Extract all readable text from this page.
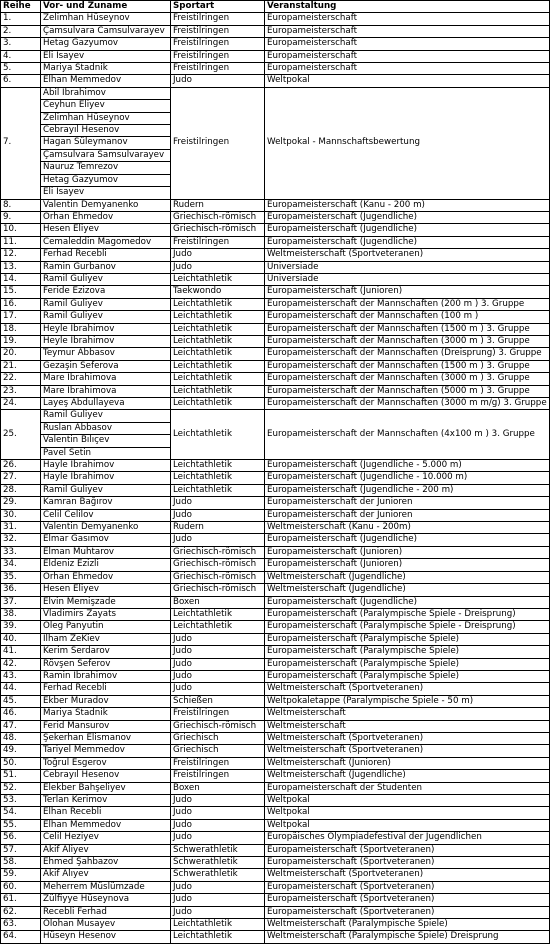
Reihe	Vor- und Zuname	Sportart	Veranstaltung
1.	Zelimhan Hüseynov	Freistilringen	Europameisterschaft
2.	Çamsulvara Camsulvarayev	Freistilringen	Europameisterschaft
3.	Hetag Gazyumov	Freistilringen	Europameisterschaft
4.	Eli İsayev	Freistilringen	Europameisterschaft
5.	Mariya Stadnik	Freistilringen	Europameisterschaft
6.	Elhan Memmedov	Judo	Weltpokal
7.	Abil İbrahimov	Freistilringen	Weltpokal - Mannschaftsbewertung
	Ceyhun Eliyev		
	Zelimhan Hüseynov		
	Cebrayıl Hesenov		
	Hagan Süleymanov		
	Çamsulvara Samsulvarayev		
	Nauruz Temrezov		
	Hetag Gazyumov		
	Eli İsayev		
8.	Valentin Demyanenko	Rudern	Europameisterschaft (Kanu - 200 m)
9.	Orhan Ehmedov	Griechisch-römisch	Europameisterschaft (Jugendliche)
10.	Hesen Eliyev	Griechisch-römisch	Europameisterschaft (Jugendliche)
11.	Cemaleddin Magomedov	Freistilringen	Europameisterschaft (Jugendliche)
12.	Ferhad Recebli	Judo	Weltmeisterschaft (Sportveteranen)
13.	Ramin Gurbanov	Judo	Universiade
14.	Ramil Guliyev	Leichtathletik	Universiade
15.	Feride Ezizova	Taekwondo	Europameisterschaft (Junioren)
16.	Ramil Guliyev	Leichtathletik	Europameisterschaft der Mannschaften (200 m ) 3. Gruppe
17.	Ramil Guliyev	Leichtathletik	Europameisterschaft der Mannschaften (100 m )
18.	Heyle İbrahimov	Leichtathletik	Europameisterschaft der Mannschaften (1500 m ) 3. Gruppe
19.	Heyle İbrahimov	Leichtathletik	Europameisterschaft der Mannschaften (3000 m ) 3. Gruppe
20.	Teymur Abbasov	Leichtathletik	Europameisterschaft der Mannschaften (Dreisprung) 3. Gruppe
21.	Gezaşin Seferova	Leichtathletik	Europameisterschaft der Mannschaften (1500 m ) 3. Gruppe
22.	Mare İbrahimova	Leichtathletik	Europameisterschaft der Mannschaften (3000 m ) 3. Gruppe
23.	Mare İbrahimova	Leichtathletik	Europameisterschaft der Mannschaften (5000 m ) 3. Gruppe
24.	Layeş Abdullayeva	Leichtathletik	Europameisterschaft der Mannschaften (3000 m m/g) 3. Gruppe
25.	Ramil Guliyev	Leichtathletik	Europameisterschaft der Mannschaften (4x100 m ) 3. Gruppe
	Ruslan Abbasov		
	Valentin Bılıçev		
	Pavel Setin		
26.	Hayle İbrahimov	Leichtathletik	Europameisterschaft (Jugendliche - 5.000 m)
27.	Hayle İbrahimov	Leichtathletik	Europameisterschaft (Jugendliche - 10.000 m)
28.	Ramil Guliyev	Leichtathletik	Europameisterschaft (Jugendliche - 200 m)
29.	Kamran Bağırov	Judo	Europameisterschaft der Junioren
30.	Celil Celilov	Judo	Europameisterschaft der Junioren
31.	Valentin Demyanenko	Rudern	Weltmeisterschaft (Kanu - 200m)
32.	Elmar Gasımov	Judo	Europameisterschaft (Jugendliche)
33.	Elman Muhtarov	Griechisch-römisch	Europameisterschaft (Junioren)
34.	Eldeniz Ezizli	Griechisch-römisch	Europameisterschaft (Junioren)
35.	Orhan Ehmedov	Griechisch-römisch	Weltmeisterschaft (Jugendliche)
36.	Hesen Eliyev	Griechisch-römisch	Weltmeisterschaft (Jugendliche)
37.	Elvin Memişzade	Boxen	Europameisterschaft (Jugendliche)
38.	Vladimirs Zayats	Leichtathletik	Europameisterschaft (Paralympische Spiele - Dreisprung)
39.	Oleg Panyutin	Leichtathletik	Europameisterschaft (Paralympische Spiele - Dreisprung)
40.	İlham ZeKiev	Judo	Europameisterschaft (Paralympische Spiele)
41.	Kerim Serdarov	Judo	Europameisterschaft (Paralympische Spiele)
42.	Rövşen Seferov	Judo	Europameisterschaft (Paralympische Spiele)
43.	Ramin İbrahimov	Judo	Europameisterschaft (Paralympische Spiele)
44.	Ferhad Recebli	Judo	Weltmeisterschaft (Sportveteranen)
45.	Ekber Muradov	Schießen	Weltpokaletappe (Paralympische Spiele - 50 m)
46.	Mariya Stadnik	Freistilringen	Weltmeisterschaft
47.	Ferid Mansurov	Griechisch-römisch	Weltmeisterschaft
48.	Şekerhan Elismanov	Griechisch	Weltmeisterschaft (Sportveteranen)
49.	Tariyel Memmedov	Griechisch	Weltmeisterschaft (Sportveteranen)
50.	Toğrul Esgerov	Freistilringen	Weltmeisterschaft (Junioren)
51.	Cebrayıl Hesenov	Freistilringen	Weltmeisterschaft (Jugendliche)
52.	Elekber Bahşeliyev	Boxen	Europameisterschaft der Studenten
53.	Terlan Kerimov	Judo	Weltpokal
54.	Elhan Recebli	Judo	Weltpokal
55.	Elhan Memmedov	Judo	Weltpokal
56.	Celil Heziyev	Judo	Europäisches Olympiadefestival der Jugendlichen
57.	Akif Aliyev	Schwerathletik	Europameisterschaft (Sportveteranen)
58.	Ehmed Şahbazov	Schwerathletik	Europameisterschaft (Sportveteranen)
59.	Akif Alıyev	Schwerathletik	Weltmeisterschaft (Sportveteranen)
60.	Meherrem Müslümzade	Judo	Europameisterschaft (Sportveteranen)
61.	Zülfiyye Hüseynova	Judo	Europameisterschaft (Sportveteranen)
62.	Recebli Ferhad	Judo	Europameisterschaft (Sportveteranen)
63.	Olohan Musayev	Leichtathletik	Weltmeisterschaft (Paralympische Spiele)
64.	Hüseyn Hesenov	Leichtathletik	Weltmeisterschaft (Paralympische Spiele) Dreisprung
